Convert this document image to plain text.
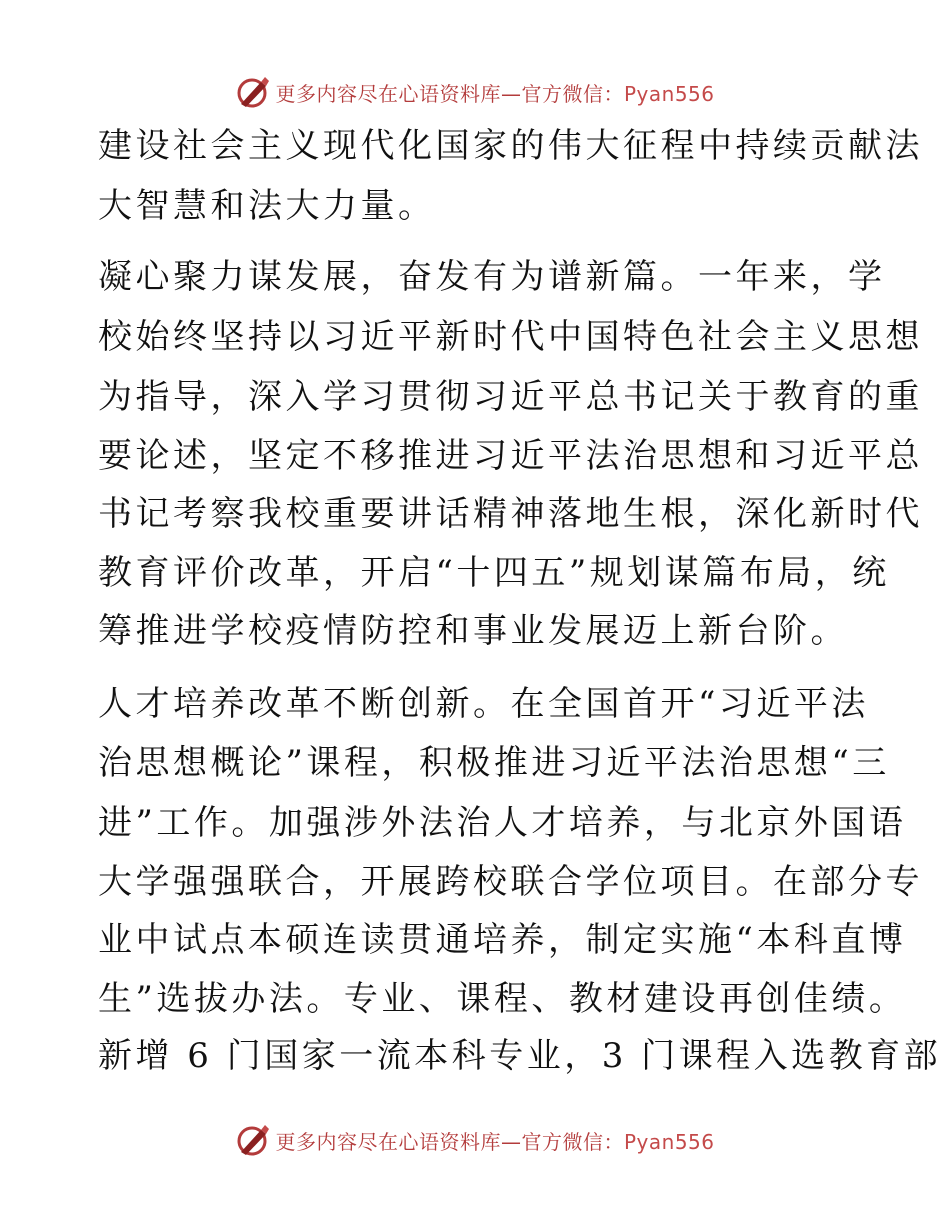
更多内容尽在心语资料库—官方微信：Pyan556
建设社会主义现代化国家的伟大征程中持续贡献法
大智慧和法大力量。
凝心聚力谋发展，奋发有为谱新篇。一年来，学
校始终坚持以习近平新时代中国特色社会主义思想
为指导，深入学习贯彻习近平总书记关于教育的重
要论述，坚定不移推进习近平法治思想和习近平总
书记考察我校重要讲话精神落地生根，深化新时代
教育评价改革，开启“十四五”规划谋篇布局，统
筹推进学校疫情防控和事业发展迈上新台阶。
人才培养改革不断创新。在全国首开“习近平法
治思想概论”课程，积极推进习近平法治思想“三
进”工作。加强涉外法治人才培养，与北京外国语
大学强强联合，开展跨校联合学位项目。在部分专
业中试点本硕连读贯通培养，制定实施“本科直博
生”选拔办法。专业、课程、教材建设再创佳绩。
新增 6 门国家一流本科专业，3 门课程入选教育部
更多内容尽在心语资料库—官方微信：Pyan556
